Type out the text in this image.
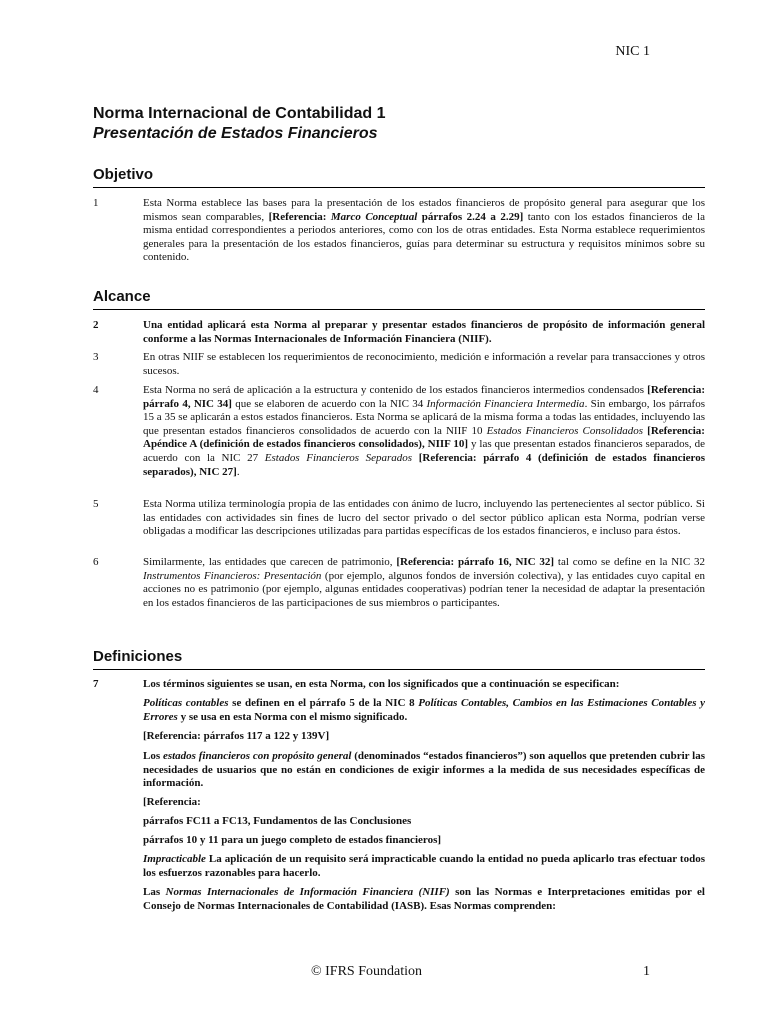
NIC 1
Norma Internacional de Contabilidad 1
Presentación de Estados Financieros
Objetivo
1	Esta Norma establece las bases para la presentación de los estados financieros de propósito general para asegurar que los mismos sean comparables, [Referencia: Marco Conceptual párrafos 2.24 a 2.29] tanto con los estados financieros de la misma entidad correspondientes a periodos anteriores, como con los de otras entidades. Esta Norma establece requerimientos generales para la presentación de los estados financieros, guías para determinar su estructura y requisitos mínimos sobre su contenido.
Alcance
2	Una entidad aplicará esta Norma al preparar y presentar estados financieros de propósito de información general conforme a las Normas Internacionales de Información Financiera (NIIF).
3	En otras NIIF se establecen los requerimientos de reconocimiento, medición e información a revelar para transacciones y otros sucesos.
4	Esta Norma no será de aplicación a la estructura y contenido de los estados financieros intermedios condensados [Referencia: párrafo 4, NIC 34] que se elaboren de acuerdo con la NIC 34 Información Financiera Intermedia. Sin embargo, los párrafos 15 a 35 se aplicarán a estos estados financieros. Esta Norma se aplicará de la misma forma a todas las entidades, incluyendo las que presentan estados financieros consolidados de acuerdo con la NIIF 10 Estados Financieros Consolidados [Referencia: Apéndice A (definición de estados financieros consolidados), NIIF 10] y las que presentan estados financieros separados, de acuerdo con la NIC 27 Estados Financieros Separados [Referencia: párrafo 4 (definición de estados financieros separados), NIC 27].
5	Esta Norma utiliza terminología propia de las entidades con ánimo de lucro, incluyendo las pertenecientes al sector público. Si las entidades con actividades sin fines de lucro del sector privado o del sector público aplican esta Norma, podrían verse obligadas a modificar las descripciones utilizadas para partidas específicas de los estados financieros, e incluso para éstos.
6	Similarmente, las entidades que carecen de patrimonio, [Referencia: párrafo 16, NIC 32] tal como se define en la NIC 32 Instrumentos Financieros: Presentación (por ejemplo, algunos fondos de inversión colectiva), y las entidades cuyo capital en acciones no es patrimonio (por ejemplo, algunas entidades cooperativas) podrían tener la necesidad de adaptar la presentación en los estados financieros de las participaciones de sus miembros o participantes.
Definiciones
7	Los términos siguientes se usan, en esta Norma, con los significados que a continuación se especifican:
Políticas contables se definen en el párrafo 5 de la NIC 8 Políticas Contables, Cambios en las Estimaciones Contables y Errores y se usa en esta Norma con el mismo significado.
[Referencia: párrafos 117 a 122 y 139V]
Los estados financieros con propósito general (denominados “estados financieros”) son aquellos que pretenden cubrir las necesidades de usuarios que no están en condiciones de exigir informes a la medida de sus necesidades específicas de información.
[Referencia:
párrafos FC11 a FC13, Fundamentos de las Conclusiones
párrafos 10 y 11 para un juego completo de estados financieros]
Impracticable La aplicación de un requisito será impracticable cuando la entidad no pueda aplicarlo tras efectuar todos los esfuerzos razonables para hacerlo.
Las Normas Internacionales de Información Financiera (NIIF) son las Normas e Interpretaciones emitidas por el Consejo de Normas Internacionales de Contabilidad (IASB). Esas Normas comprenden:
© IFRS Foundation	1
